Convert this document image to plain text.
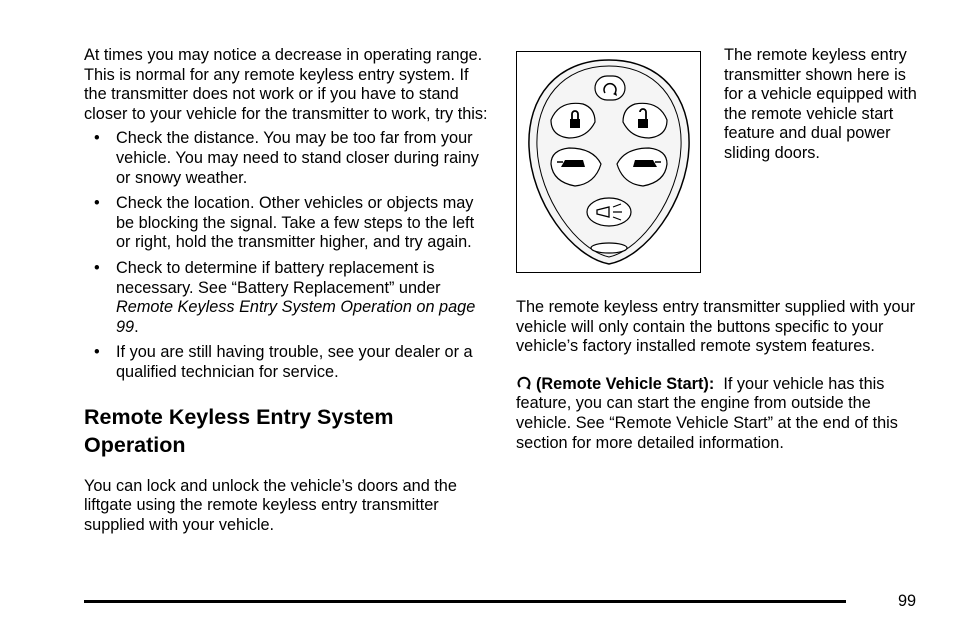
At times you may notice a decrease in operating range. This is normal for any remote keyless entry system. If the transmitter does not work or if you have to stand closer to your vehicle for the transmitter to work, try this:

• Check the distance. You may be too far from your vehicle. You may need to stand closer during rainy or snowy weather.
• Check the location. Other vehicles or objects may be blocking the signal. Take a few steps to the left or right, hold the transmitter higher, and try again.
• Check to determine if battery replacement is necessary. See “Battery Replacement” under Remote Keyless Entry System Operation on page 99.
• If you are still having trouble, see your dealer or a qualified technician for service.
Remote Keyless Entry System Operation

You can lock and unlock the vehicle’s doors and the liftgate using the remote keyless entry transmitter supplied with your vehicle.

The remote keyless entry transmitter shown here is for a vehicle equipped with the remote vehicle start feature and dual power sliding doors.

The remote keyless entry transmitter supplied with your vehicle will only contain the buttons specific to your vehicle’s factory installed remote system features.

(Remote Vehicle Start): If your vehicle has this feature, you can start the engine from outside the vehicle. See “Remote Vehicle Start” at the end of this section for more detailed information.

99
